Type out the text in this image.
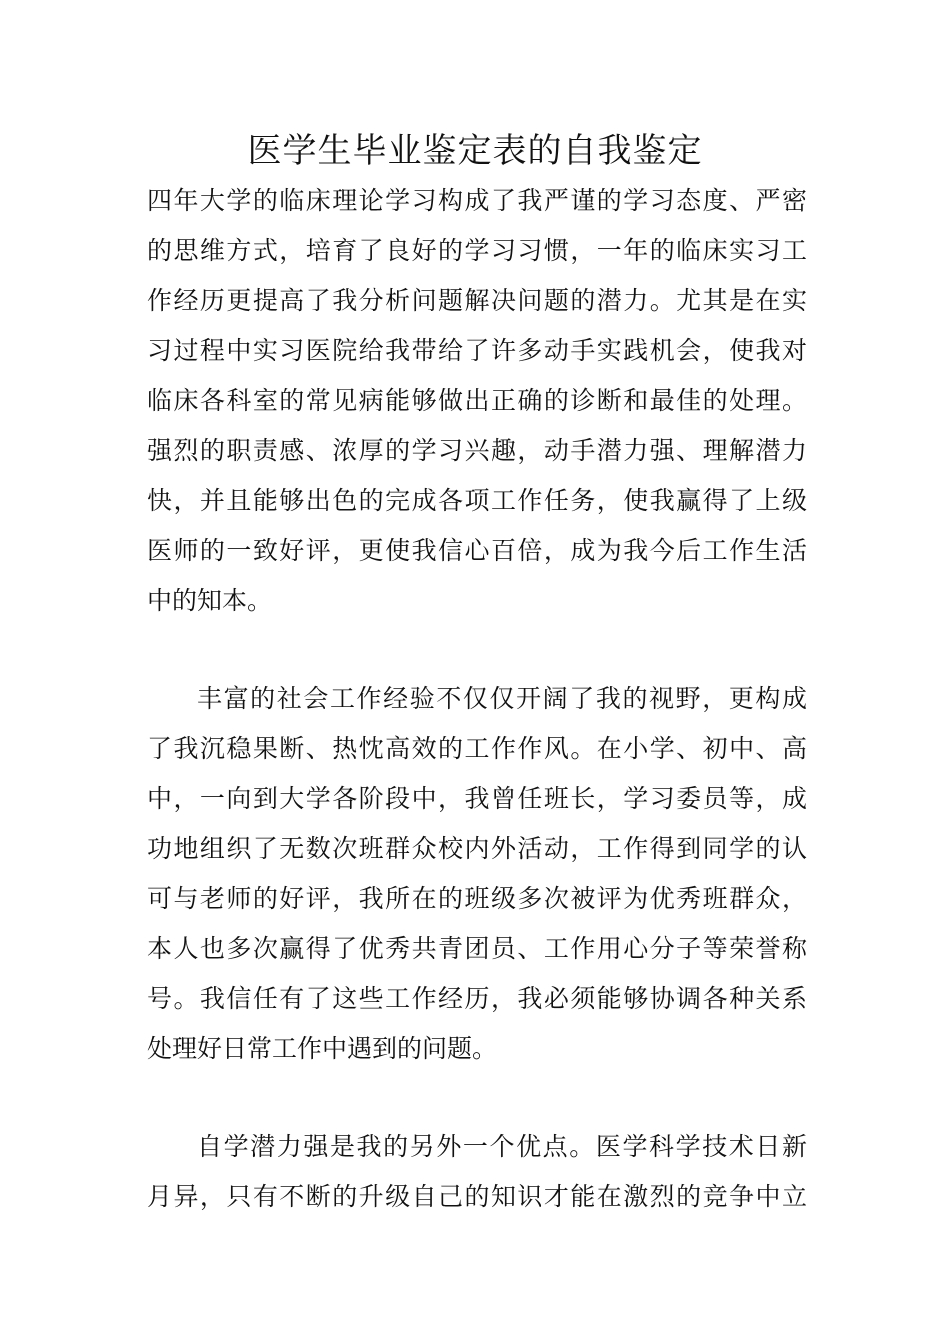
医学生毕业鉴定表的自我鉴定
四年大学的临床理论学习构成了我严谨的学习态度、严密
的思维方式，培育了良好的学习习惯，一年的临床实习工
作经历更提高了我分析问题解决问题的潜力。尤其是在实
习过程中实习医院给我带给了许多动手实践机会，使我对
临床各科室的常见病能够做出正确的诊断和最佳的处理。
强烈的职责感、浓厚的学习兴趣，动手潜力强、理解潜力
快，并且能够出色的完成各项工作任务，使我赢得了上级
医师的一致好评，更使我信心百倍，成为我今后工作生活
中的知本。
丰富的社会工作经验不仅仅开阔了我的视野，更构成
了我沉稳果断、热忱高效的工作作风。在小学、初中、高
中，一向到大学各阶段中，我曾任班长，学习委员等，成
功地组织了无数次班群众校内外活动，工作得到同学的认
可与老师的好评，我所在的班级多次被评为优秀班群众，
本人也多次赢得了优秀共青团员、工作用心分子等荣誉称
号。我信任有了这些工作经历，我必须能够协调各种关系
处理好日常工作中遇到的问题。
自学潜力强是我的另外一个优点。医学科学技术日新
月异，只有不断的升级自己的知识才能在激烈的竞争中立
